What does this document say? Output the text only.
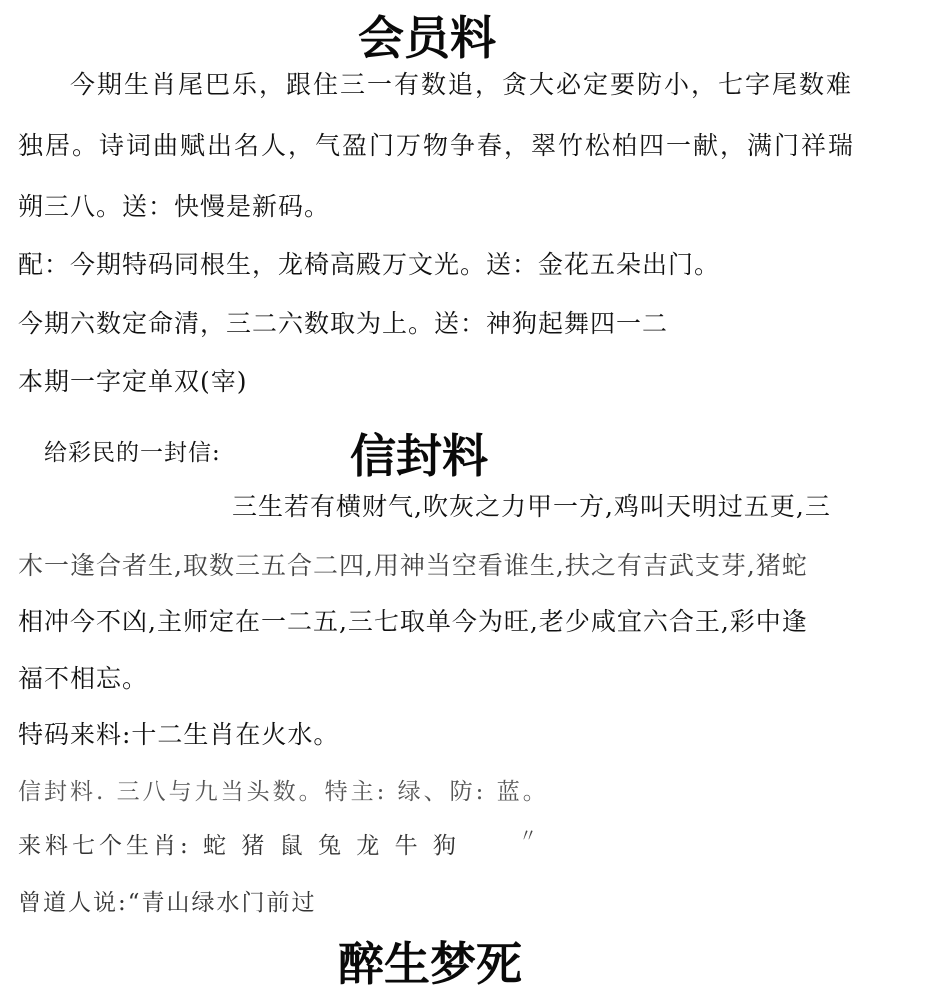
会员料
今期生肖尾巴乐，跟住三一有数追，贪大必定要防小，七字尾数难
独居。诗词曲赋出名人，气盈门万物争春，翠竹松柏四一献，满门祥瑞
朔三八。送：快慢是新码。
配：今期特码同根生，龙椅高殿万文光。送：金花五朵出门。
今期六数定命清，三二六数取为上。送：神狗起舞四一二
本期一字定单双(宰)
给彩民的一封信:	信封料
三生若有横财气,吹灰之力甲一方,鸡叫天明过五更,三
木一逢合者生,取数三五合二四,用神当空看谁生,扶之有吉武支芽,猪蛇
相冲今不凶,主师定在一二五,三七取单今为旺,老少咸宜六合王,彩中逢
福不相忘。
特码来料:十二生肖在火水。
信封料. 三八与九当头数。特主: 绿、防: 蓝。
来料七个生肖: 蛇 猪 鼠 兔 龙 牛 狗	〃
曾道人说:“青山绿水门前过
醉生梦死
